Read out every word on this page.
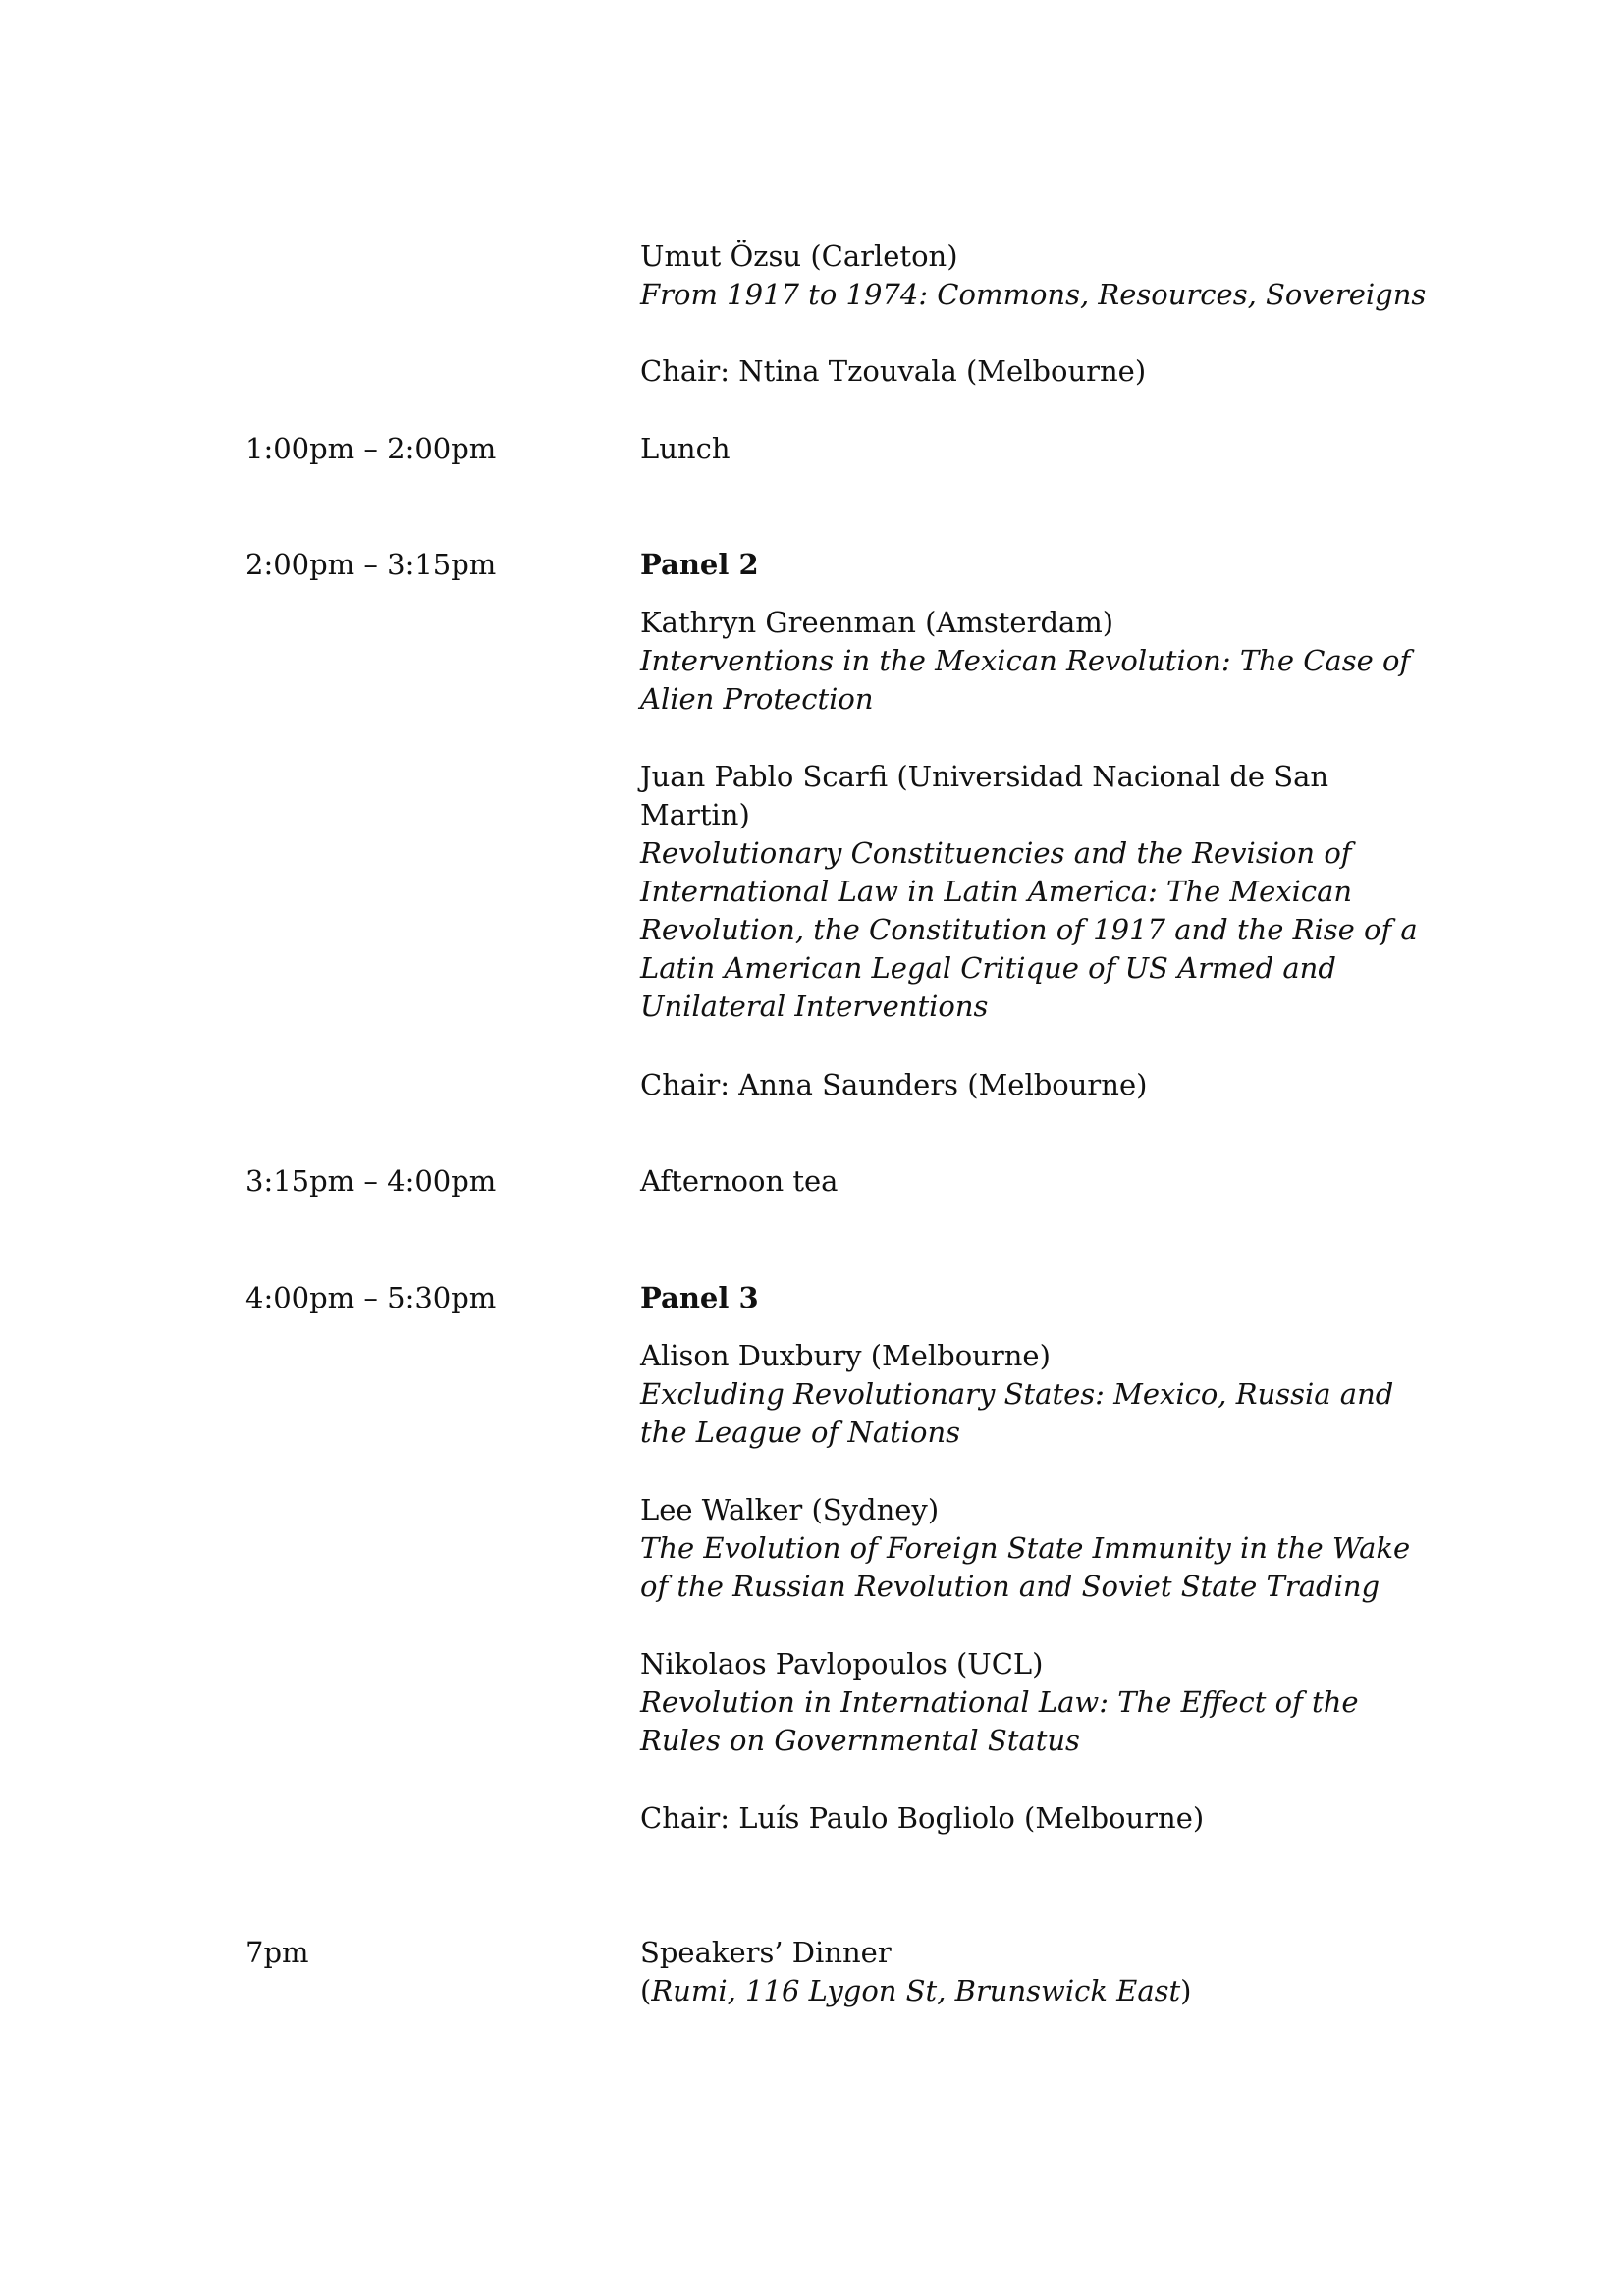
Umut Özsu (Carleton)
From 1917 to 1974: Commons, Resources, Sovereigns
Chair: Ntina Tzouvala (Melbourne)
1:00pm – 2:00pm	Lunch
2:00pm – 3:15pm	Panel 2
Kathryn Greenman (Amsterdam)
Interventions in the Mexican Revolution: The Case of
Alien Protection
Juan Pablo Scarfi (Universidad Nacional de San
Martin)
Revolutionary Constituencies and the Revision of
International Law in Latin America: The Mexican
Revolution, the Constitution of 1917 and the Rise of a
Latin American Legal Critique of US Armed and
Unilateral Interventions
Chair: Anna Saunders (Melbourne)
3:15pm – 4:00pm	Afternoon tea
4:00pm – 5:30pm	Panel 3
Alison Duxbury (Melbourne)
Excluding Revolutionary States: Mexico, Russia and
the League of Nations
Lee Walker (Sydney)
The Evolution of Foreign State Immunity in the Wake
of the Russian Revolution and Soviet State Trading
Nikolaos Pavlopoulos (UCL)
Revolution in International Law: The Effect of the
Rules on Governmental Status
Chair: Luís Paulo Bogliolo (Melbourne)
7pm	Speakers’ Dinner
(Rumi, 116 Lygon St, Brunswick East)
